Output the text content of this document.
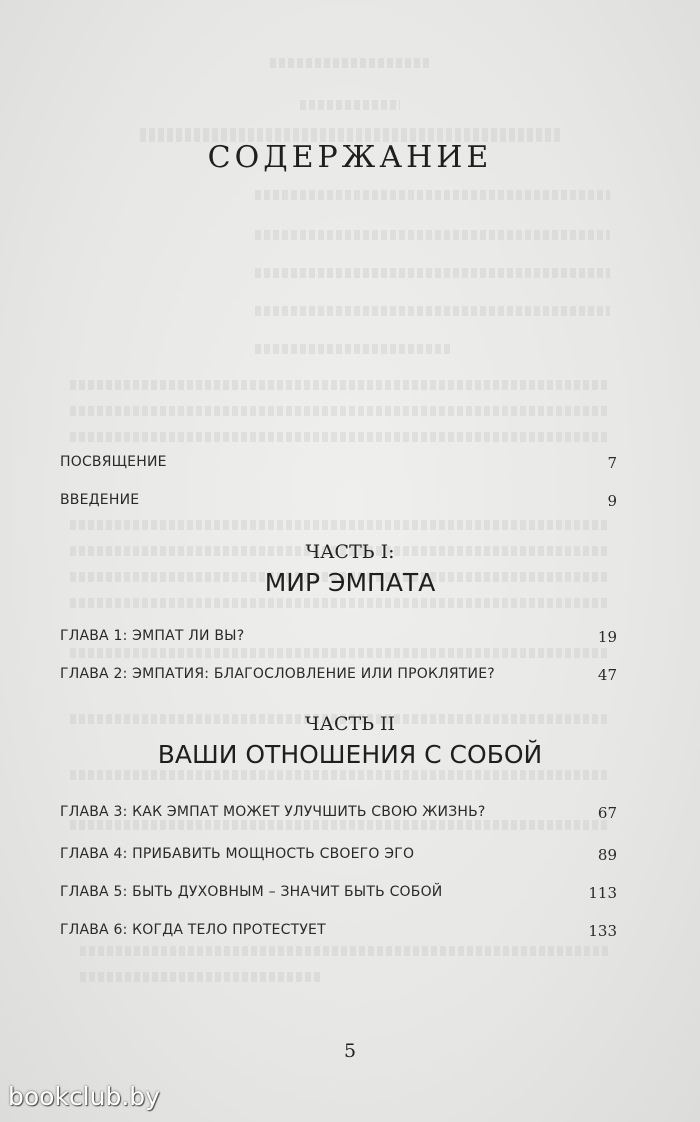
СОДЕРЖАНИЕ
ПОСВЯЩЕНИЕ	7
ВВЕДЕНИЕ	9
ЧАСТЬ I:
МИР ЭМПАТА
ГЛАВА 1: ЭМПАТ ЛИ ВЫ?	19
ГЛАВА 2: ЭМПАТИЯ: БЛАГОСЛОВЛЕНИЕ ИЛИ ПРОКЛЯТИЕ?	47
ЧАСТЬ II
ВАШИ ОТНОШЕНИЯ С СОБОЙ
ГЛАВА 3: КАК ЭМПАТ МОЖЕТ УЛУЧШИТЬ СВОЮ ЖИЗНЬ?	67
ГЛАВА 4: ПРИБАВИТЬ МОЩНОСТЬ СВОЕГО ЭГО	89
ГЛАВА 5: БЫТЬ ДУХОВНЫМ – ЗНАЧИТ БЫТЬ СОБОЙ	113
ГЛАВА 6: КОГДА ТЕЛО ПРОТЕСТУЕТ	133
5
bookclub.by
